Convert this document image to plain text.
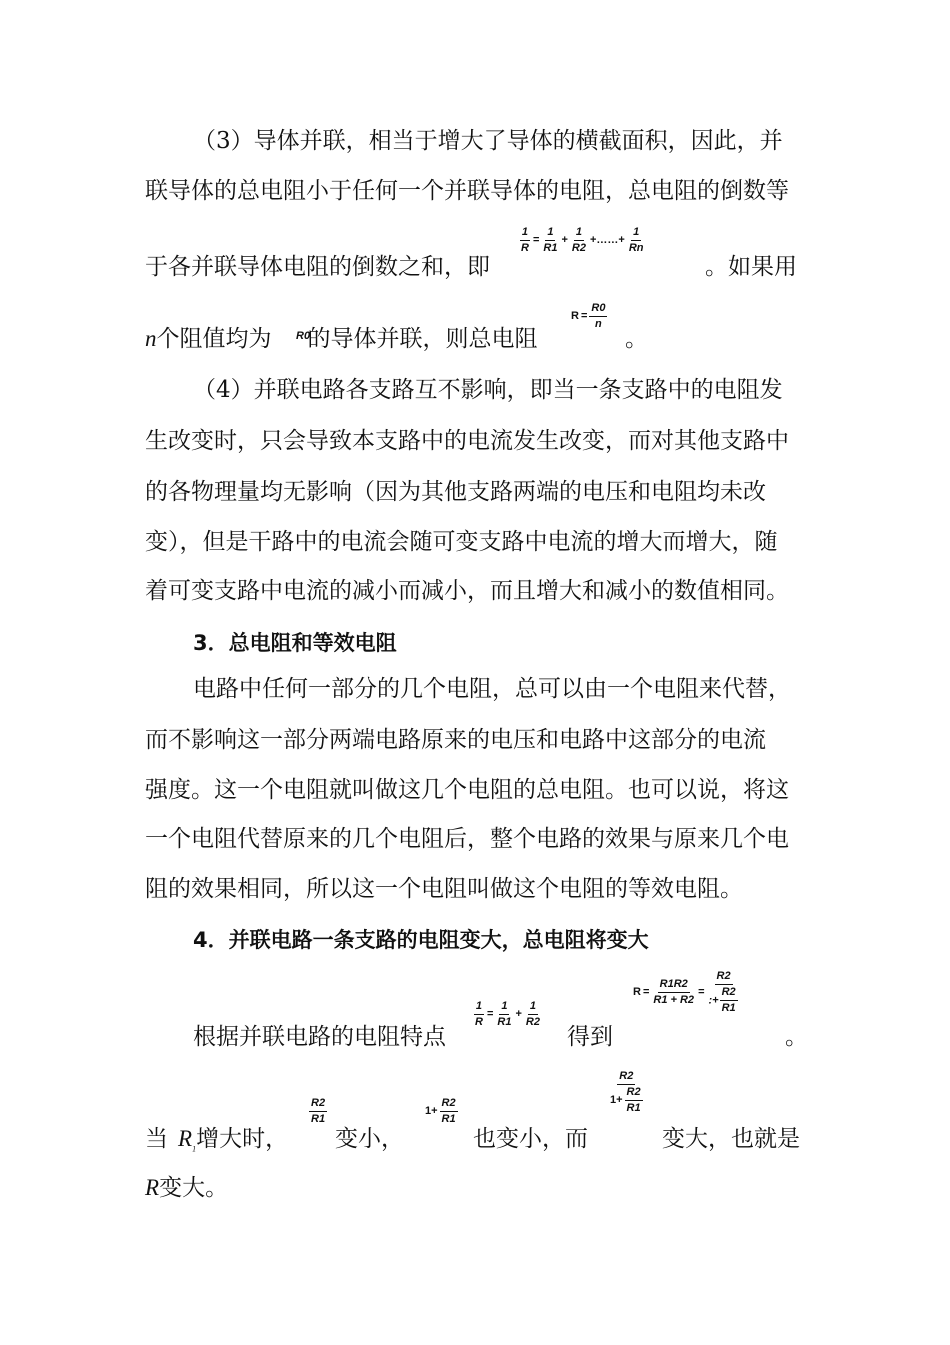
（3）导体并联，相当于增大了导体的横截面积，因此，并
联导体的总电阻小于任何一个并联导体的电阻，总电阻的倒数等
于各并联导体电阻的倒数之和，即
$\frac{1}{R} = \frac{1}{R1} + \frac{1}{R2}$ +……+ $\frac{1}{Rn}$
。如果用
n个阻值均为 的导体并联，则总电阻
R0
$R = \frac{R0}{n}$
。
（4）并联电路各支路互不影响，即当一条支路中的电阻发
生改变时，只会导致本支路中的电流发生改变，而对其他支路中
的各物理量均无影响（因为其他支路两端的电压和电阻均未改
变），但是干路中的电流会随可变支路中电流的增大而增大，随
着可变支路中电流的减小而减小，而且增大和减小的数值相同。
3．总电阻和等效电阻
电路中任何一部分的几个电阻，总可以由一个电阻来代替，
而不影响这一部分两端电路原来的电压和电路中这部分的电流
强度。这一个电阻就叫做这几个电阻的总电阻。也可以说，将这
一个电阻代替原来的几个电阻后，整个电路的效果与原来几个电
阻的效果相同，所以这一个电阻叫做这个电阻的等效电阻。
4．并联电路一条支路的电阻变大，总电阻将变大
根据并联电路的电阻特点
$\frac{1}{R} = \frac{1}{R1} + \frac{1}{R2}$
得到
$R = \frac{R1R2}{R1 + R2} = \frac{R2}{:+ \frac{R2}{R1}}$
。
当 $R_1$增大时，
$\frac{R2}{R1}$
变小，
$1+ \frac{R2}{R1}$
也变小，而
$\frac{R2}{1+ \frac{R2}{R1}}$
变大，也就是
R变大。
